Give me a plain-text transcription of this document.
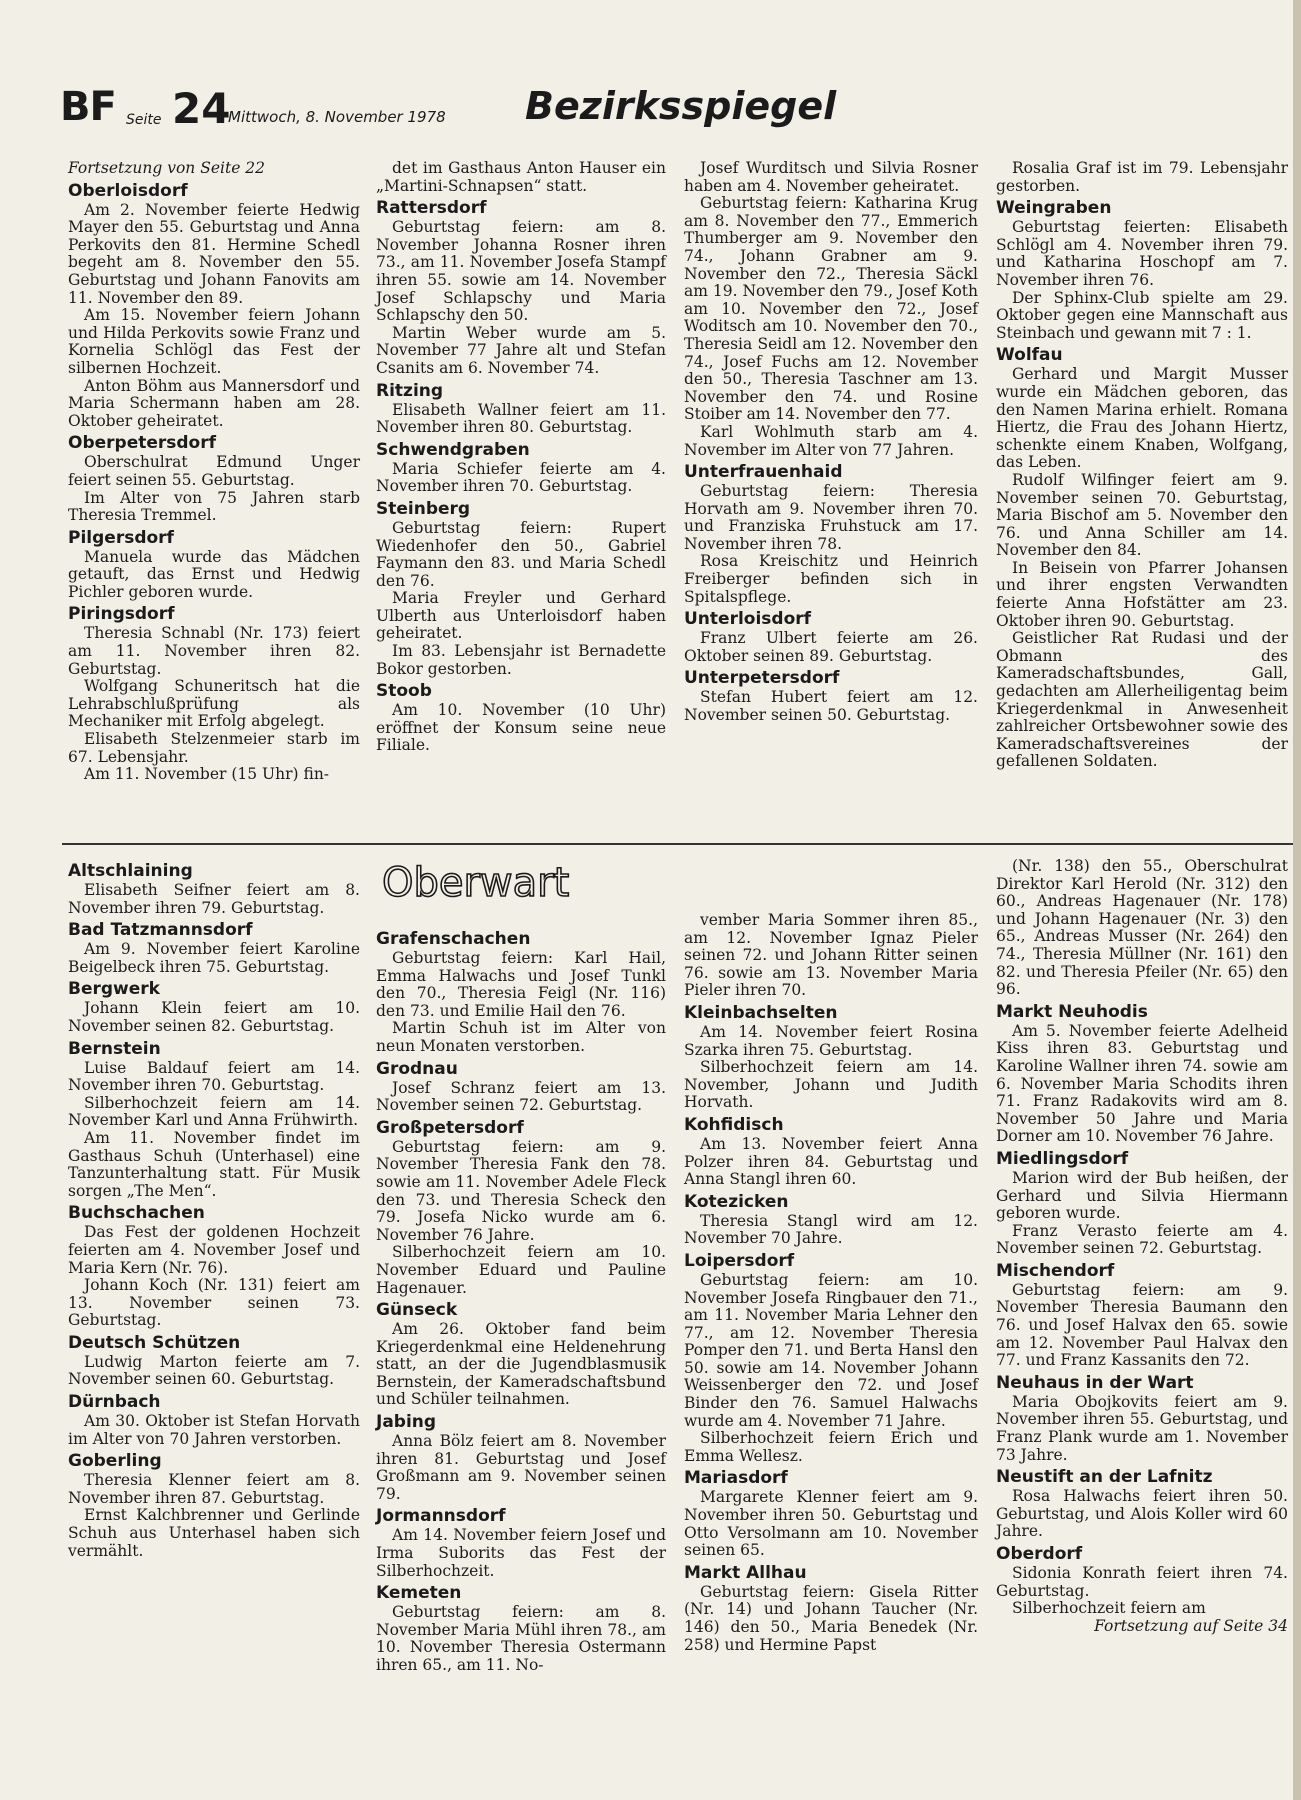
BF Seite 24
Mittwoch, 8. November 1978 Bezirksspiegel

Fortsetzung von Seite 22

Oberloisdorf

Am 2. November feierte Hedwig Mayer den 55. Geburtstag und Anna Perkovits den 81. Hermine Schedl begeht am 8. November den 55. Geburtstag und Johann Fanovits am 11. November den 89.

Am 15. November feiern Johann und Hilda Perkovits sowie Franz und Kornelia Schlögl das Fest der silbernen Hochzeit.

Anton Böhm aus Mannersdorf und Maria Schermann haben am 28. Oktober geheiratet.

Oberpetersdorf

Oberschulrat Edmund Unger feiert seinen 55. Geburtstag.

Im Alter von 75 Jahren starb Theresia Tremmel.

Pilgersdorf

Manuela wurde das Mädchen getauft, das Ernst und Hedwig Pichler geboren wurde.

Piringsdorf

Theresia Schnabl (Nr. 173) feiert am 11. November ihren 82. Geburtstag.

Wolfgang Schuneritsch hat die Lehrabschlußprüfung als Mechaniker mit Erfolg abgelegt.

Elisabeth Stelzenmeier starb im 67. Lebensjahr.

Am 11. November (15 Uhr) fin-

det im Gasthaus Anton Hauser ein „Martini-Schnapsen“ statt.

Rattersdorf

Geburtstag feiern: am 8. November Johanna Rosner ihren 73., am 11. November Josefa Stampf ihren 55. sowie am 14. November Josef Schlapschy und Maria Schlapschy den 50.

Martin Weber wurde am 5. November 77 Jahre alt und Stefan Csanits am 6. November 74.

Ritzing

Elisabeth Wallner feiert am 11. November ihren 80. Geburtstag.

Schwendgraben

Maria Schiefer feierte am 4. November ihren 70. Geburtstag.

Steinberg

Geburtstag feiern: Rupert Wiedenhofer den 50., Gabriel Faymann den 83. und Maria Schedl den 76.

Maria Freyler und Gerhard Ulberth aus Unterloisdorf haben geheiratet.

Im 83. Lebensjahr ist Bernadette Bokor gestorben.

Stoob

Am 10. November (10 Uhr) eröffnet der Konsum seine neue Filiale.

Josef Wurditsch und Silvia Rosner haben am 4. November geheiratet.

Geburtstag feiern: Katharina Krug am 8. November den 77., Emmerich Thumberger am 9. November den 74., Johann Grabner am 9. November den 72., Theresia Säckl am 19. November den 79., Josef Koth am 10. November den 72., Josef Woditsch am 10. November den 70., Theresia Seidl am 12. November den 74., Josef Fuchs am 12. November den 50., Theresia Taschner am 13. November den 74. und Rosine Stoiber am 14. November den 77.

Karl Wohlmuth starb am 4. November im Alter von 77 Jahren.

Unterfrauenhaid

Geburtstag feiern: Theresia Horvath am 9. November ihren 70. und Franziska Fruhstuck am 17. November ihren 78.

Rosa Kreischitz und Heinrich Freiberger befinden sich in Spitalspflege.

Unterloisdorf

Franz Ulbert feierte am 26. Oktober seinen 89. Geburtstag.

Unterpetersdorf

Stefan Hubert feiert am 12. November seinen 50. Geburtstag.

Rosalia Graf ist im 79. Lebensjahr gestorben.

Weingraben

Geburtstag feierten: Elisabeth Schlögl am 4. November ihren 79. und Katharina Hoschopf am 7. November ihren 76.

Der Sphinx-Club spielte am 29. Oktober gegen eine Mannschaft aus Steinbach und gewann mit 7 : 1.

Wolfau

Gerhard und Margit Musser wurde ein Mädchen geboren, das den Namen Marina erhielt. Romana Hiertz, die Frau des Johann Hiertz, schenkte einem Knaben, Wolfgang, das Leben.

Rudolf Wilfinger feiert am 9. November seinen 70. Geburtstag, Maria Bischof am 5. November den 76. und Anna Schiller am 14. November den 84.

In Beisein von Pfarrer Johansen und ihrer engsten Verwandten feierte Anna Hofstätter am 23. Oktober ihren 90. Geburtstag.

Geistlicher Rat Rudasi und der Obmann des Kameradschaftsbundes, Gall, gedachten am Allerheiligentag beim Kriegerdenkmal in Anwesenheit zahlreicher Ortsbewohner sowie des Kameradschaftsvereines der gefallenen Soldaten.

Oberwart
Altschlaining

Elisabeth Seifner feiert am 8. November ihren 79. Geburtstag.

Bad Tatzmannsdorf

Am 9. November feiert Karoline Beigelbeck ihren 75. Geburtstag.

Bergwerk

Johann Klein feiert am 10. November seinen 82. Geburtstag.

Bernstein

Luise Baldauf feiert am 14. November ihren 70. Geburtstag.

Silberhochzeit feiern am 14. November Karl und Anna Frühwirth.

Am 11. November findet im Gasthaus Schuh (Unterhasel) eine Tanzunterhaltung statt. Für Musik sorgen „The Men“.

Buchschachen

Das Fest der goldenen Hochzeit feierten am 4. November Josef und Maria Kern (Nr. 76).

Johann Koch (Nr. 131) feiert am 13. November seinen 73. Geburtstag.

Deutsch Schützen

Ludwig Marton feierte am 7. November seinen 60. Geburtstag.

Dürnbach

Am 30. Oktober ist Stefan Horvath im Alter von 70 Jahren verstorben.

Goberling

Theresia Klenner feiert am 8. November ihren 87. Geburtstag.

Ernst Kalchbrenner und Gerlinde Schuh aus Unterhasel haben sich vermählt.

Grafenschachen

Geburtstag feiern: Karl Hail, Emma Halwachs und Josef Tunkl den 70., Theresia Feigl (Nr. 116) den 73. und Emilie Hail den 76.

Martin Schuh ist im Alter von neun Monaten verstorben.

Grodnau

Josef Schranz feiert am 13. November seinen 72. Geburtstag.

Großpetersdorf

Geburtstag feiern: am 9. November Theresia Fank den 78. sowie am 11. November Adele Fleck den 73. und Theresia Scheck den 79. Josefa Nicko wurde am 6. November 76 Jahre.

Silberhochzeit feiern am 10. November Eduard und Pauline Hagenauer.

Günseck

Am 26. Oktober fand beim Kriegerdenkmal eine Heldenehrung statt, an der die Jugendblasmusik Bernstein, der Kameradschaftsbund und Schüler teilnahmen.

Jabing

Anna Bölz feiert am 8. November ihren 81. Geburtstag und Josef Großmann am 9. November seinen 79.

Jormannsdorf

Am 14. November feiern Josef und Irma Suborits das Fest der Silberhochzeit.

Kemeten

Geburtstag feiern: am 8. November Maria Mühl ihren 78., am 10. November Theresia Ostermann ihren 65., am 11. No-

vember Maria Sommer ihren 85., am 12. November Ignaz Pieler seinen 72. und Johann Ritter seinen 76. sowie am 13. November Maria Pieler ihren 70.

Kleinbachselten

Am 14. November feiert Rosina Szarka ihren 75. Geburtstag.

Silberhochzeit feiern am 14. November, Johann und Judith Horvath.

Kohfidisch

Am 13. November feiert Anna Polzer ihren 84. Geburtstag und Anna Stangl ihren 60.

Kotezicken

Theresia Stangl wird am 12. November 70 Jahre.

Loipersdorf

Geburtstag feiern: am 10. November Josefa Ringbauer den 71., am 11. November Maria Lehner den 77., am 12. November Theresia Pomper den 71. und Berta Hansl den 50. sowie am 14. November Johann Weissenberger den 72. und Josef Binder den 76. Samuel Halwachs wurde am 4. November 71 Jahre.

Silberhochzeit feiern Erich und Emma Wellesz.

Mariasdorf

Margarete Klenner feiert am 9. November ihren 50. Geburtstag und Otto Versolmann am 10. November seinen 65.

Markt Allhau

Geburtstag feiern: Gisela Ritter (Nr. 14) und Johann Taucher (Nr. 146) den 50., Maria Benedek (Nr. 258) und Hermine Papst

(Nr. 138) den 55., Oberschulrat Direktor Karl Herold (Nr. 312) den 60., Andreas Hagenauer (Nr. 178) und Johann Hagenauer (Nr. 3) den 65., Andreas Musser (Nr. 264) den 74., Theresia Müllner (Nr. 161) den 82. und Theresia Pfeiler (Nr. 65) den 96.

Markt Neuhodis

Am 5. November feierte Adelheid Kiss ihren 83. Geburtstag und Karoline Wallner ihren 74. sowie am 6. November Maria Schodits ihren 71. Franz Radakovits wird am 8. November 50 Jahre und Maria Dorner am 10. November 76 Jahre.

Miedlingsdorf

Marion wird der Bub heißen, der Gerhard und Silvia Hiermann geboren wurde.

Franz Verasto feierte am 4. November seinen 72. Geburtstag.

Mischendorf

Geburtstag feiern: am 9. November Theresia Baumann den 76. und Josef Halvax den 65. sowie am 12. November Paul Halvax den 77. und Franz Kassanits den 72.

Neuhaus in der Wart

Maria Obojkovits feiert am 9. November ihren 55. Geburtstag, und Franz Plank wurde am 1. November 73 Jahre.

Neustift an der Lafnitz

Rosa Halwachs feiert ihren 50. Geburtstag, und Alois Koller wird 60 Jahre.

Oberdorf

Sidonia Konrath feiert ihren 74. Geburtstag.

Silberhochzeit feiern am

Fortsetzung auf Seite 34
